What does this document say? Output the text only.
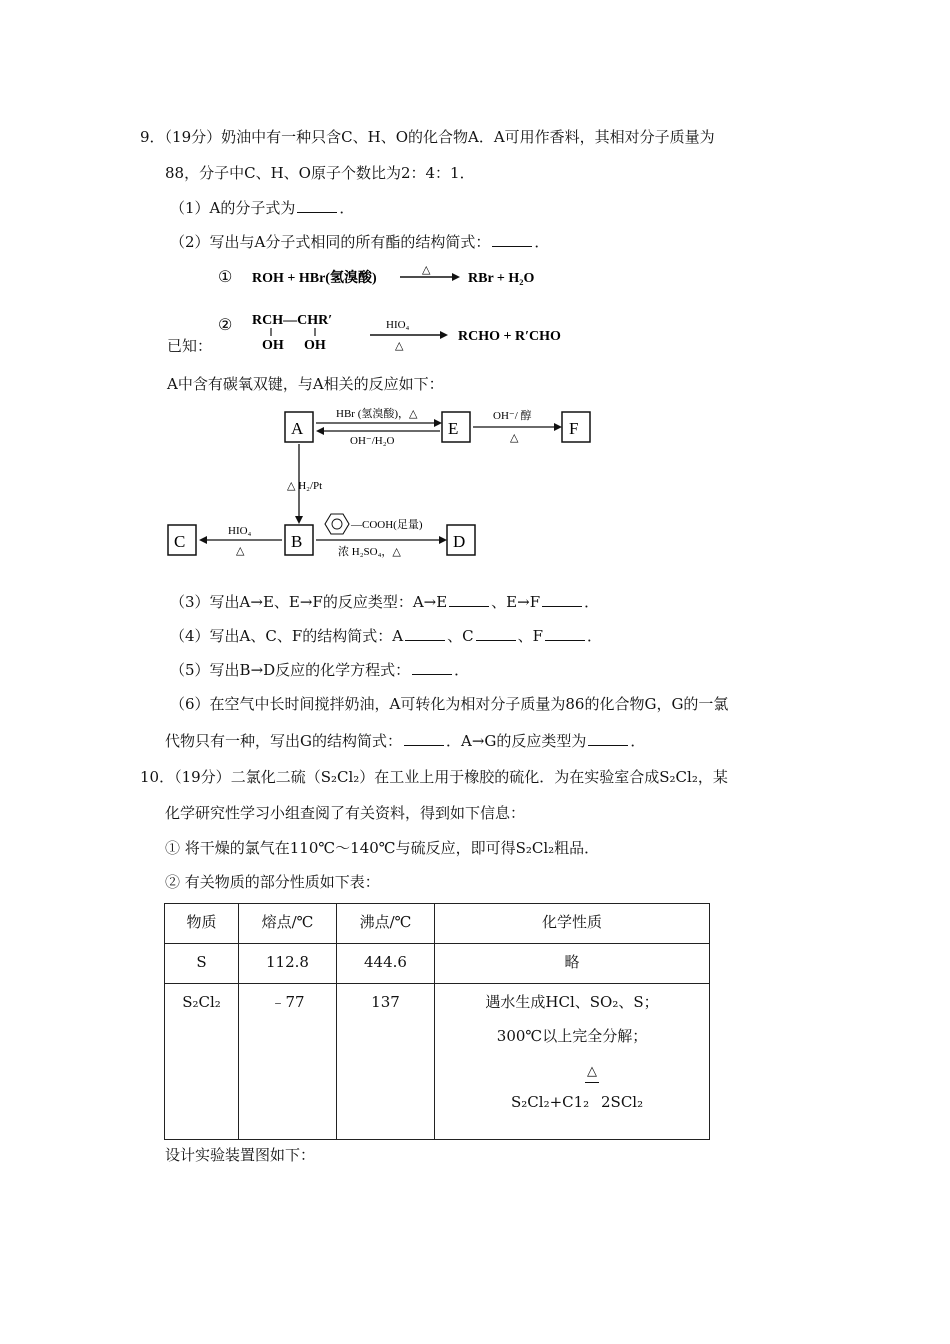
9．（19分）奶油中有一种只含C、H、O的化合物A．A可用作香料，其相对分子质量为
88，分子中C、H、O原子个数比为2：4：1．
（1）A的分子式为	．
（2）写出与A分子式相同的所有酯的结构简式：	．
① ROH + HBr(氢溴酸)
△
RBr + H₂O
② RCH—CHR′
OH OH
HIO₄
△
RCHO + R′CHO
已知：
A中含有碳氧双键，与A相关的反应如下：
A	E	F
HBr (氢溴酸)，△
OH⁻/H₂O
OH⁻/ 醇
△
△ H₂/Pt
B
C
HIO₄
△
—COOH(足量)
浓 H₂SO₄，△
D
（3）写出A→E、E→F的反应类型：A→E	、E→F	．
（4）写出A、C、F的结构简式：A	、C	、F	．
（5）写出B→D反应的化学方程式：	．
（6）在空气中长时间搅拌奶油，A可转化为相对分子质量为86的化合物G，G的一氯
代物只有一种，写出G的结构简式：	．A→G的反应类型为	．
10．（19分）二氯化二硫（S₂Cl₂）在工业上用于橡胶的硫化．为在实验室合成S₂Cl₂，某
化学研究性学习小组查阅了有关资料，得到如下信息：
① 将干燥的氯气在110℃～140℃与硫反应，即可得S₂Cl₂粗品．
② 有关物质的部分性质如下表：
物质	熔点/℃	沸点/℃	化学性质
S	112.8	444.6	略
S₂Cl₂	﹣77	137	遇水生成HCl、SO₂、S；
300℃以上完全分解；
△
S₂Cl₂+C1₂ 2SCl₂
设计实验装置图如下：
